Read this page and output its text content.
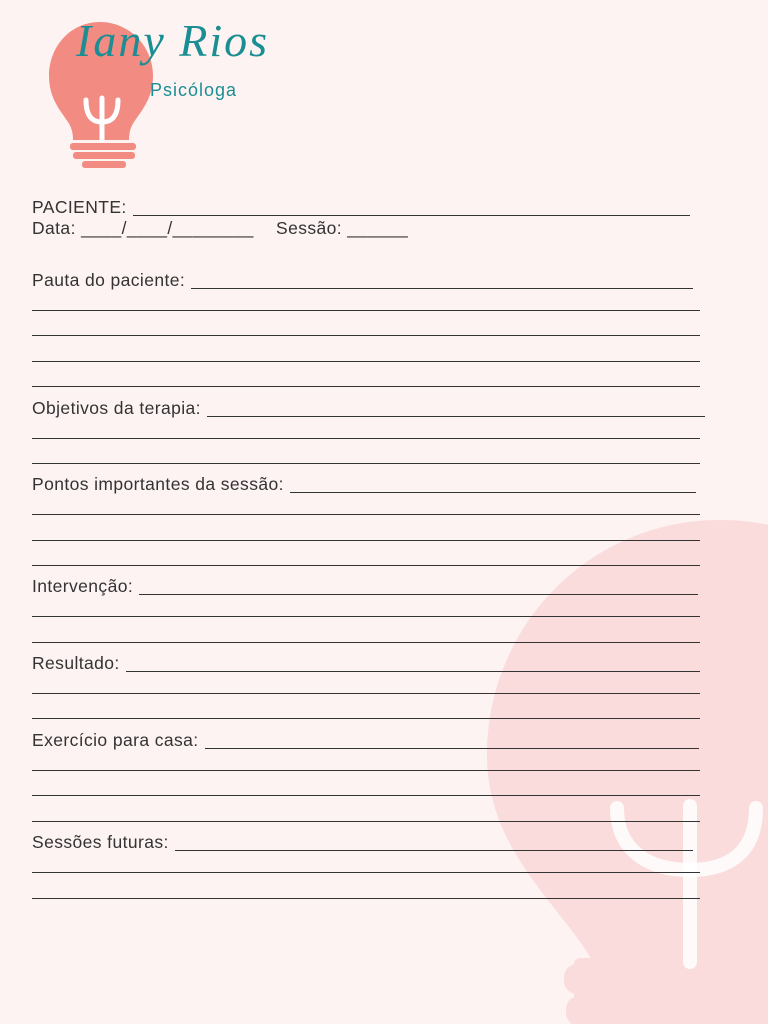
Iany Rios
Psicóloga
PACIENTE:
Data: ____/____/________ Sessão: ______
Pauta do paciente:
Objetivos da terapia:
Pontos importantes da sessão:
Intervenção:
Resultado:
Exercício para casa:
Sessões futuras:
